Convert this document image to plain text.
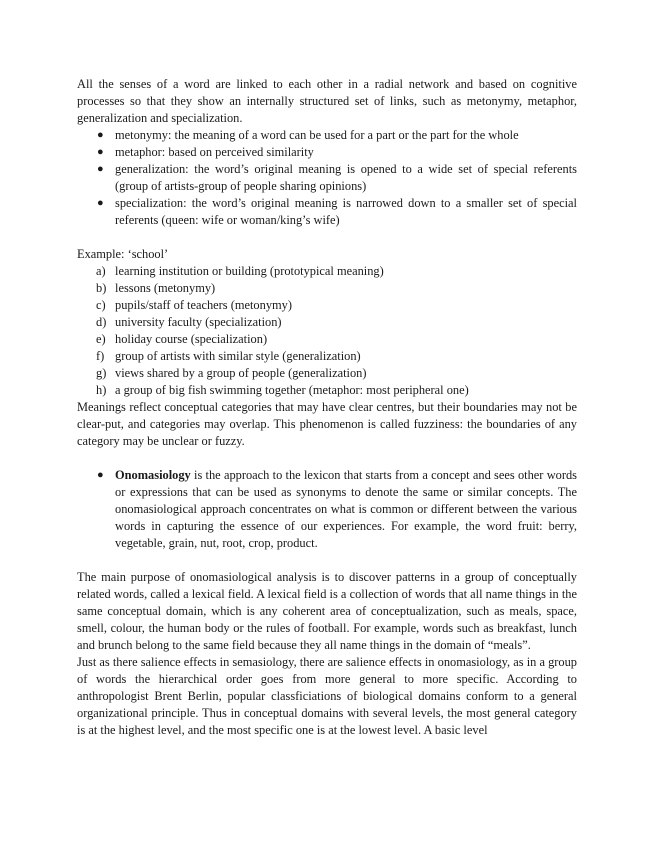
All the senses of a word are linked to each other in a radial network and based on cognitive processes so that they show an internally structured set of links, such as metonymy, metaphor, generalization and specialization.

● metonymy: the meaning of a word can be used for a part or the part for the whole
● metaphor: based on perceived similarity
● generalization: the word’s original meaning is opened to a wide set of special referents (group of artists-group of people sharing opinions)
● specialization: the word’s original meaning is narrowed down to a smaller set of special referents (queen: wife or woman/king’s wife)

Example: ‘school’

a) learning institution or building (prototypical meaning)
b) lessons (metonymy)
c) pupils/staff of teachers (metonymy)
d) university faculty (specialization)
e) holiday course (specialization)
f) group of artists with similar style (generalization)
g) views shared by a group of people (generalization)
h) a group of big fish swimming together (metaphor: most peripheral one)

Meanings reflect conceptual categories that may have clear centres, but their boundaries may not be clear-put, and categories may overlap. This phenomenon is called fuzziness: the boundaries of any category may be unclear or fuzzy.

● Onomasiology is the approach to the lexicon that starts from a concept and sees other words or expressions that can be used as synonyms to denote the same or similar concepts. The onomasiological approach concentrates on what is common or different between the various words in capturing the essence of our experiences. For example, the word fruit: berry, vegetable, grain, nut, root, crop, product.

The main purpose of onomasiological analysis is to discover patterns in a group of conceptually related words, called a lexical field. A lexical field is a collection of words that all name things in the same conceptual domain, which is any coherent area of conceptualization, such as meals, space, smell, colour, the human body or the rules of football. For example, words such as breakfast, lunch and brunch belong to the same field because they all name things in the domain of “meals”.

Just as there salience effects in semasiology, there are salience effects in onomasiology, as in a group of words the hierarchical order goes from more general to more specific. According to anthropologist Brent Berlin, popular classficiations of biological domains conform to a general organizational principle. Thus in conceptual domains with several levels, the most general category is at the highest level, and the most specific one is at the lowest level. A basic level
